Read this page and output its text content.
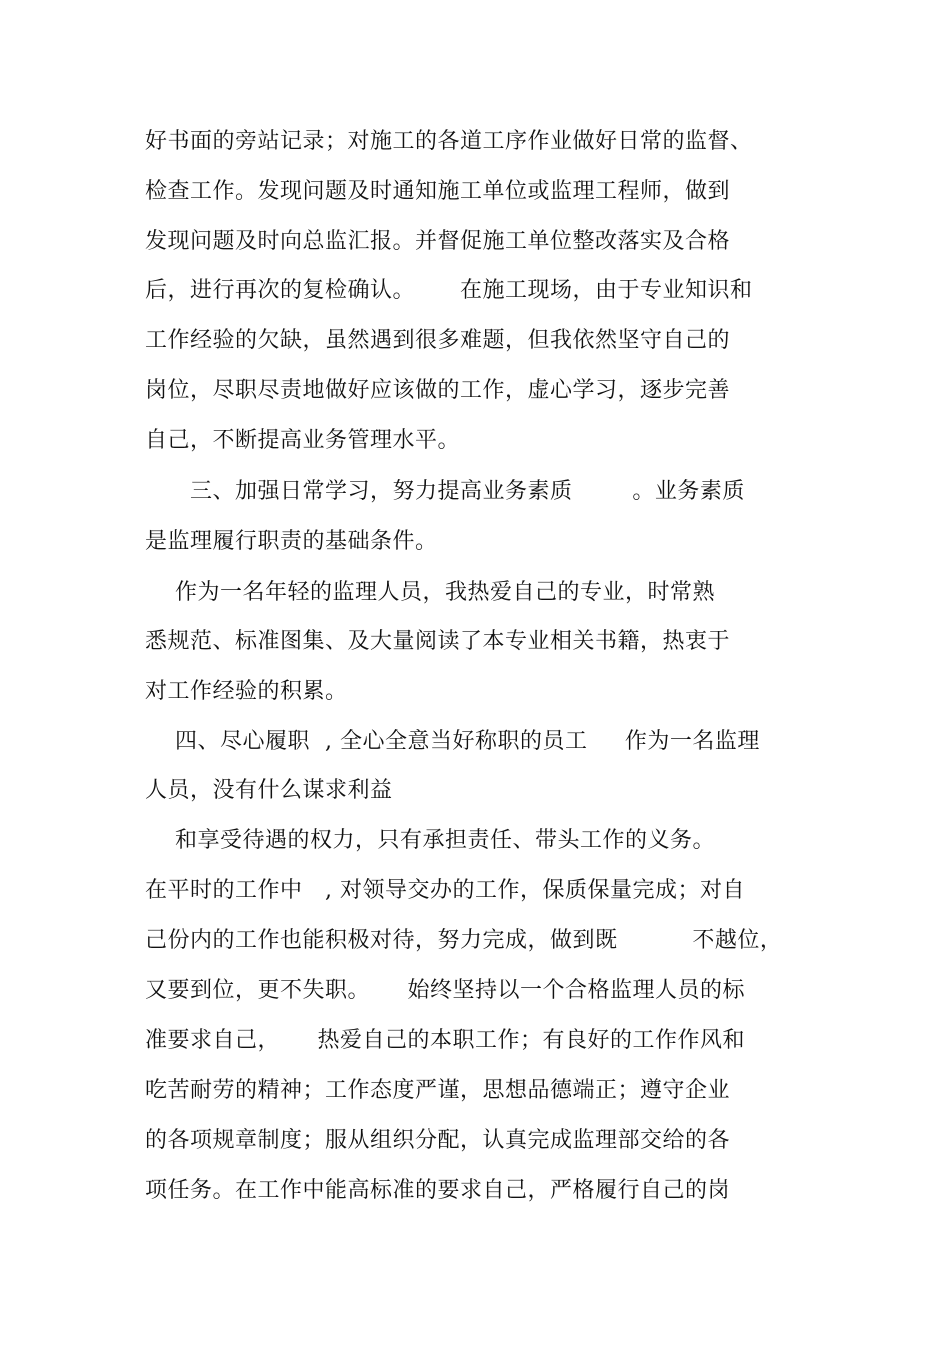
好书面的旁站记录；对施工的各道工序作业做好日常的监督、
检查工作。发现问题及时通知施工单位或监理工程师，做到
发现问题及时向总监汇报。并督促施工单位整改落实及合格
后，进行再次的复检确认。      在施工现场，由于专业知识和
工作经验的欠缺，虽然遇到很多难题，但我依然坚守自己的
岗位，尽职尽责地做好应该做的工作，虚心学习，逐步完善
自己，不断提高业务管理水平。
三、加强日常学习，努力提高业务素质        。业务素质
是监理履行职责的基础条件。
作为一名年轻的监理人员，我热爱自己的专业，时常熟
悉规范、标准图集、及大量阅读了本专业相关书籍，热衷于
对工作经验的积累。
四、尽心履职  , 全心全意当好称职的员工     作为一名监理
人员，没有什么谋求利益
和享受待遇的权力，只有承担责任、带头工作的义务。
在平时的工作中   , 对领导交办的工作，保质保量完成；对自
己份内的工作也能积极对待，努力完成，做到既          不越位，
又要到位，更不失职。     始终坚持以一个合格监理人员的标
准要求自己，     热爱自己的本职工作；有良好的工作作风和
吃苦耐劳的精神；工作态度严谨，思想品德端正；遵守企业
的各项规章制度；服从组织分配，认真完成监理部交给的各
项任务。在工作中能高标准的要求自己，严格履行自己的岗
